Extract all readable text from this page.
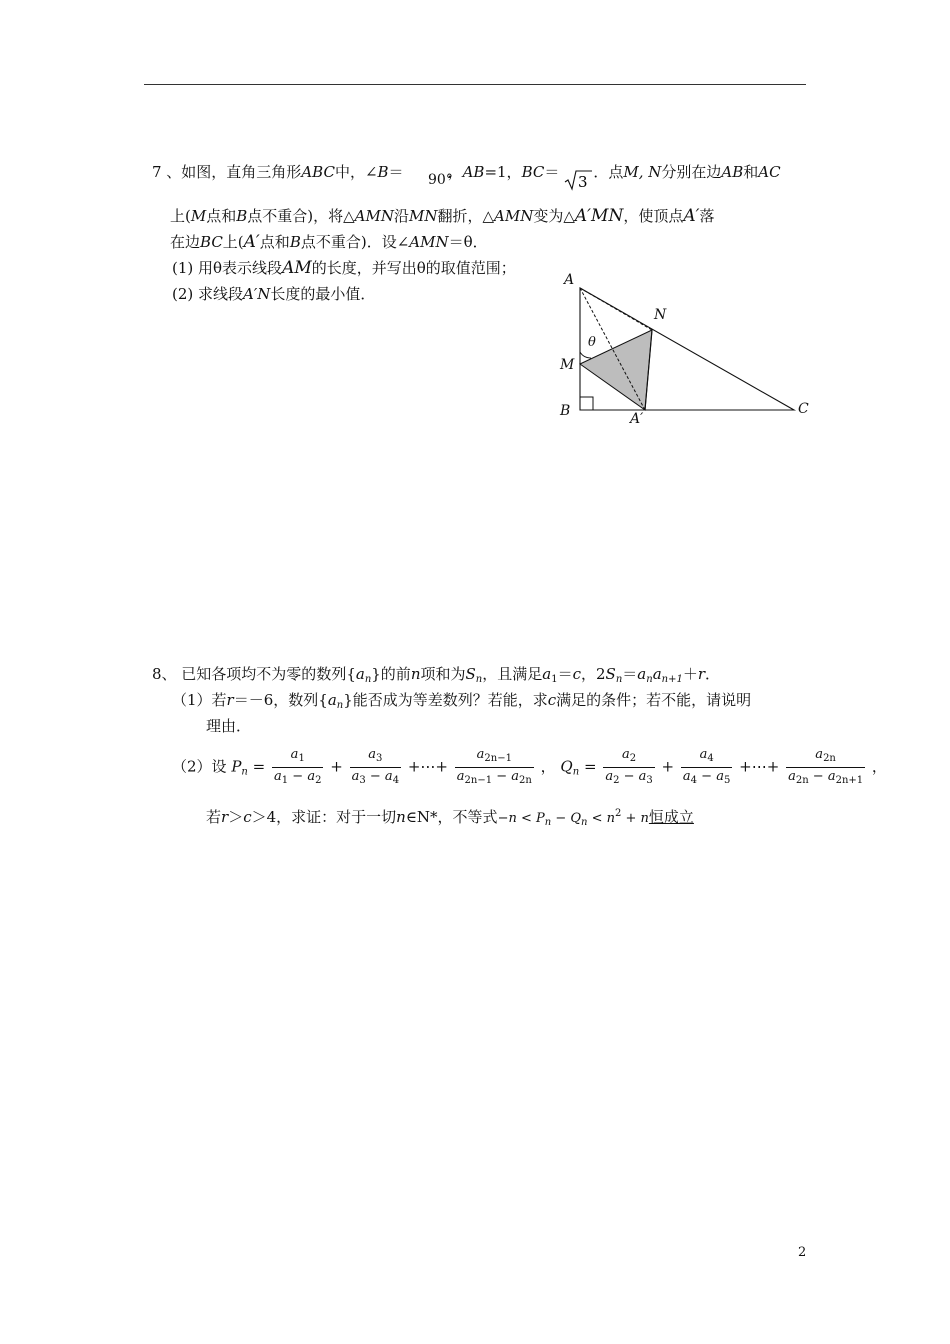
7 、如图，直角三角形ABC中，∠B＝	，AB=1，BC＝ ．点M, N分别在边AB和AC
90°	3
上(M点和B点不重合)，将△AMN沿MN翻折，△AMN变为△A′MN，使顶点A′落
在边BC上(A′点和B点不重合)．设∠AMN＝θ．
(1) 用θ表示线段AM的长度，并写出θ的取值范围；
(2) 求线段A′N长度的最小值．
A
N
M
B	C
A′
θ
8、 已知各项均不为零的数列$\{a_n\}$的前n项和为$S_n$，且满足$a_1=c$，$2S_n=a_na_{n+1}+r$．
（1）若r＝－6，数列$\{a_n\}$能否成为等差数列？若能，求c满足的条件；若不能，请说明
理由．
（2）设 $P_n = \frac{a_1}{a_1 - a_2} + \frac{a_3}{a_3 - a_4}$ +⋯+ $\frac{a_{2n-1}}{a_{2n-1} - a_{2n}}$ ， $Q_n = \frac{a_2}{a_2 - a_3} + \frac{a_4}{a_4 - a_5}$ +⋯+ $\frac{a_{2n}}{a_{2n} - a_{2n+1}}$ ，
若r＞c＞4，求证：对于一切n∈N*，不等式$-n < P_n - Q_n < n^2 + n$恒成立
2
